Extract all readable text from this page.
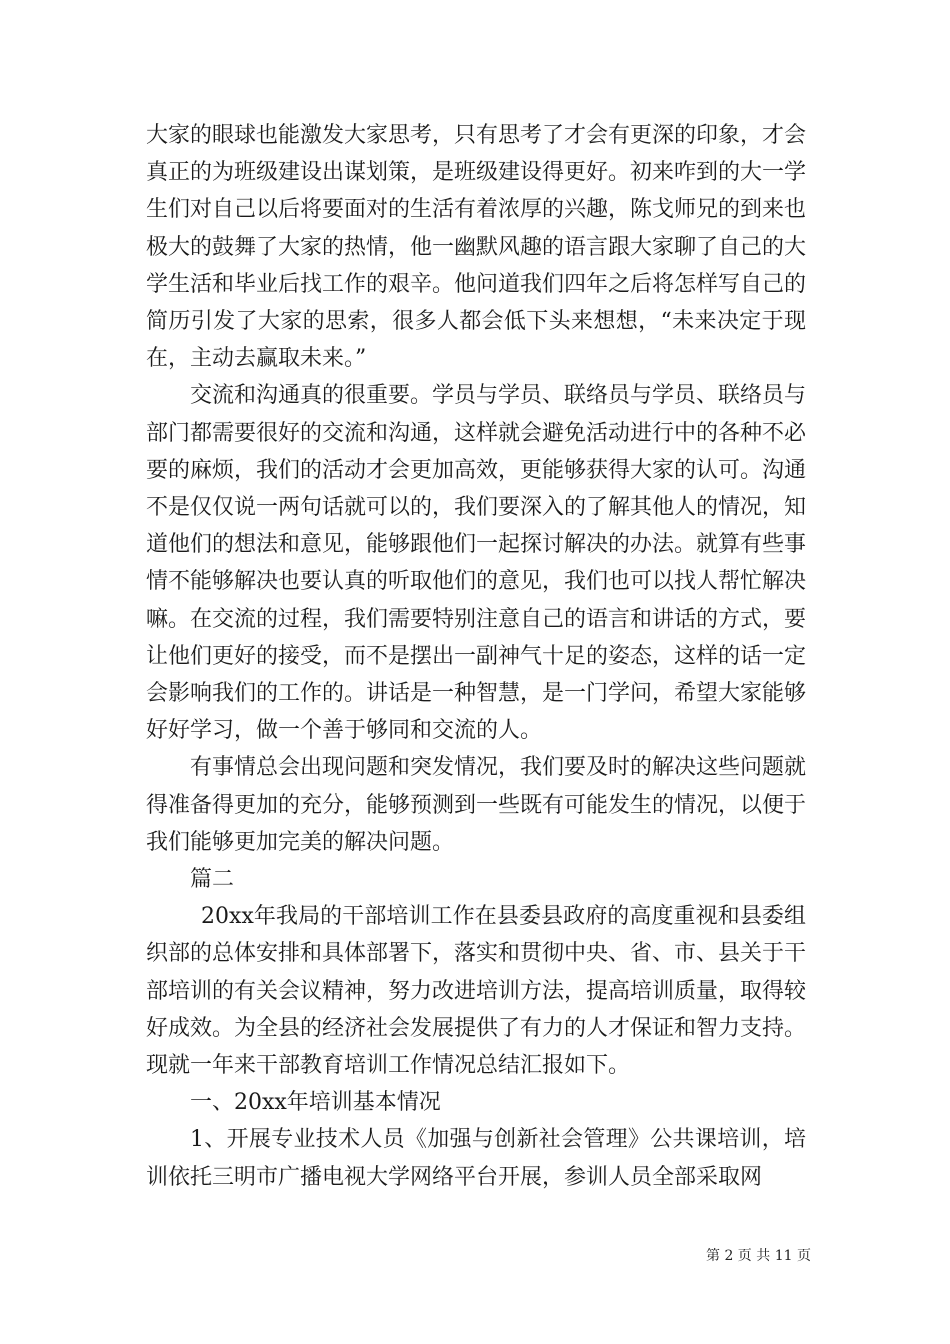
大家的眼球也能激发大家思考，只有思考了才会有更深的印象，才会真正的为班级建设出谋划策，是班级建设得更好。初来咋到的大一学生们对自己以后将要面对的生活有着浓厚的兴趣，陈戈师兄的到来也极大的鼓舞了大家的热情，他一幽默风趣的语言跟大家聊了自己的大学生活和毕业后找工作的艰辛。他问道我们四年之后将怎样写自己的简历引发了大家的思索，很多人都会低下头来想想，“未来决定于现在，主动去赢取未来。”

交流和沟通真的很重要。学员与学员、联络员与学员、联络员与部门都需要很好的交流和沟通，这样就会避免活动进行中的各种不必要的麻烦，我们的活动才会更加高效，更能够获得大家的认可。沟通不是仅仅说一两句话就可以的，我们要深入的了解其他人的情况，知道他们的想法和意见，能够跟他们一起探讨解决的办法。就算有些事情不能够解决也要认真的听取他们的意见，我们也可以找人帮忙解决嘛。在交流的过程，我们需要特别注意自己的语言和讲话的方式，要让他们更好的接受，而不是摆出一副神气十足的姿态，这样的话一定会影响我们的工作的。讲话是一种智慧，是一门学问，希望大家能够好好学习，做一个善于够同和交流的人。

有事情总会出现问题和突发情况，我们要及时的解决这些问题就得准备得更加的充分，能够预测到一些既有可能发生的情况，以便于我们能够更加完美的解决问题。

篇二

20xx年我局的干部培训工作在县委县政府的高度重视和县委组织部的总体安排和具体部署下，落实和贯彻中央、省、市、县关于干部培训的有关会议精神，努力改进培训方法，提高培训质量，取得较好成效。为全县的经济社会发展提供了有力的人才保证和智力支持。现就一年来干部教育培训工作情况总结汇报如下。

一、20xx年培训基本情况

1、开展专业技术人员《加强与创新社会管理》公共课培训，培训依托三明市广播电视大学网络平台开展，参训人员全部采取网

第 2 页 共 11 页
